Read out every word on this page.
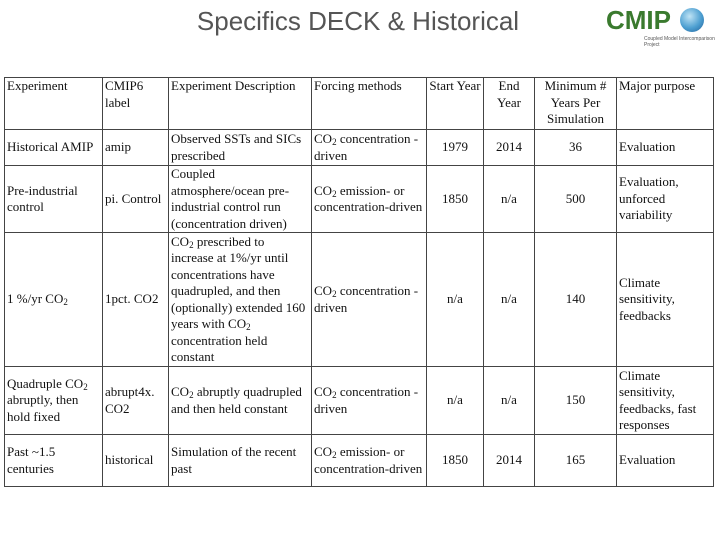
Specifics DECK & Historical	CMIP
Coupled Model Intercomparison Project
Experiment	CMIP6 label	Experiment Description	Forcing methods	Start Year	End Year	Minimum # Years Per Simulation	Major purpose
Historical AMIP	amip	Observed SSTs and SICs prescribed	$CO_2$ concentration -driven	1979	2014	36	Evaluation
Pre-industrial control	pi. Control	Coupled atmosphere/ocean pre-industrial control run (concentration driven)	$CO_2$ emission- or concentration-driven	1850	n/a	500	Evaluation, unforced variability
1 %/yr $CO_2$	1pct. CO2	$CO_2$ prescribed to increase at 1%/yr until concentrations have quadrupled, and then (optionally) extended 160 years with $CO_2$ concentration held constant	$CO_2$ concentration -driven	n/a	n/a	140	Climate sensitivity, feedbacks
Quadruple $CO_2$ abruptly, then hold fixed	abrupt4x. CO2	$CO_2$ abruptly quadrupled and then held constant	$CO_2$ concentration -driven	n/a	n/a	150	Climate sensitivity, feedbacks, fast responses
Past ~1.5 centuries	historical	Simulation of the recent past	$CO_2$ emission- or concentration-driven	1850	2014	165	Evaluation
